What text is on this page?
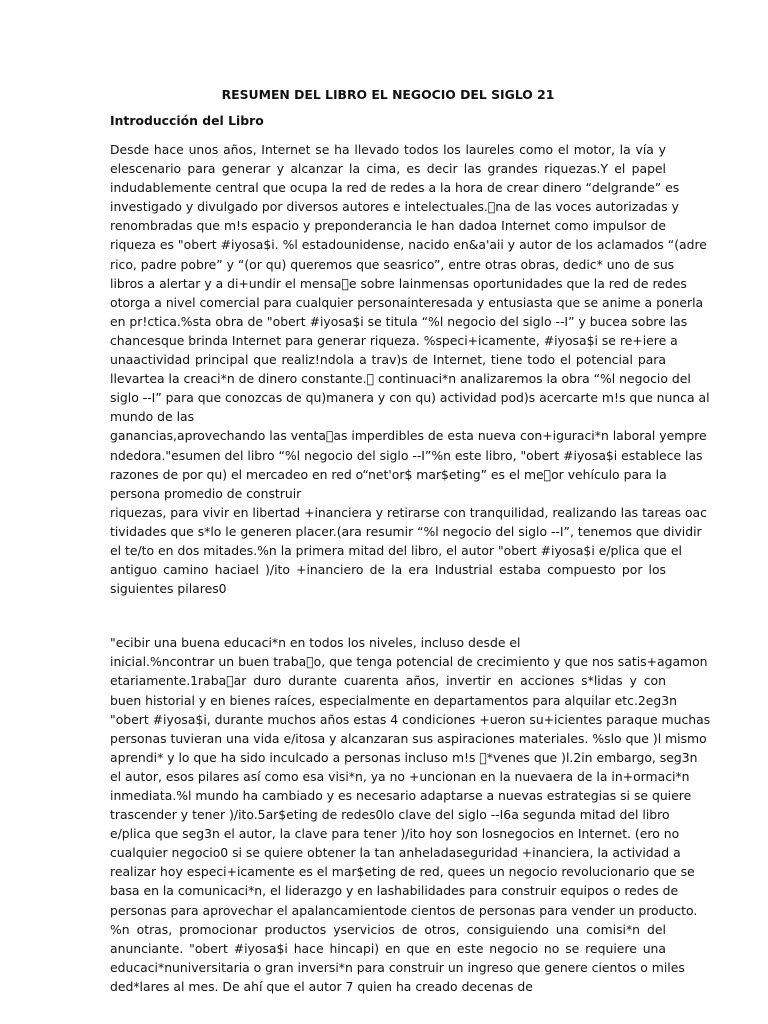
RESUMEN DEL LIBRO EL NEGOCIO DEL SIGLO 21
Introducción del Libro
Desde hace unos años, Internet se ha llevado todos los laureles como el motor, la vía y
elescenario para generar y alcanzar la cima, es decir las grandes riquezas.Y el papel
indudablemente central que ocupa la red de redes a la hora de crear dinero “delgrande” es
investigado y divulgado por diversos autores e intelectuales. na de las voces autorizadas y
renombradas que m!s espacio y preponderancia le han dadoa Internet como impulsor de
riqueza es "obert #iyosa$i. %l estadounidense, nacido en&a'aii y autor de los aclamados “(adre
rico, padre pobre” y “(or qu) queremos que seasrico”, entre otras obras, dedic* uno de sus
libros a alertar y a di+undir el mensa e sobre lainmensas oportunidades que la red de redes
otorga a nivel comercial para cualquier personainteresada y entusiasta que se anime a ponerla
en pr!ctica.%sta obra de "obert #iyosa$i se titula “%l negocio del siglo --I” y bucea sobre las
chancesque brinda Internet para generar riqueza. %speci+icamente, #iyosa$i se re+iere a
unaactividad principal que realiz!ndola a trav)s de Internet, tiene todo el potencial para
llevartea la creaci*n de dinero constante.  continuaci*n analizaremos la obra “%l negocio del
siglo --I” para que conozcas de qu)manera y con qu) actividad pod)s acercarte m!s que nunca al
mundo de las
ganancias,aprovechando las venta as imperdibles de esta nueva con+iguraci*n laboral yempre
ndedora."esumen del libro “%l negocio del siglo --I”%n este libro, "obert #iyosa$i establece las
razones de por qu) el mercadeo en red o“net'or$ mar$eting” es el me or vehículo para la
persona promedio de construir
riquezas, para vivir en libertad +inanciera y retirarse con tranquilidad, realizando las tareas oac
tividades que s*lo le generen placer.(ara resumir “%l negocio del siglo --I”, tenemos que dividir
el te/to en dos mitades.%n la primera mitad del libro, el autor "obert #iyosa$i e/plica que el
antiguo camino haciael )/ito +inanciero de la era Industrial estaba compuesto por los
siguientes pilares0
"ecibir una buena educaci*n en todos los niveles, incluso desde el
inicial.%ncontrar un buen traba o, que tenga potencial de crecimiento y que nos satis+agamon
etariamente.1raba ar duro durante cuarenta años, invertir en acciones s*lidas y con
buen historial y en bienes raíces, especialmente en departamentos para alquilar etc.2eg3n
"obert #iyosa$i, durante muchos años estas 4 condiciones +ueron su+icientes paraque muchas
personas tuvieran una vida e/itosa y alcanzaran sus aspiraciones materiales. %slo que )l mismo
aprendi* y lo que ha sido inculcado a personas incluso m!s  *venes que )l.2in embargo, seg3n
el autor, esos pilares así como esa visi*n, ya no +uncionan en la nuevaera de la in+ormaci*n
inmediata.%l mundo ha cambiado y es necesario adaptarse a nuevas estrategias si se quiere
trascender y tener )/ito.5ar$eting de redes0lo clave del siglo --I6a segunda mitad del libro
e/plica que seg3n el autor, la clave para tener )/ito hoy son losnegocios en Internet. (ero no
cualquier negocio0 si se quiere obtener la tan anheladaseguridad +inanciera, la actividad a
realizar hoy especi+icamente es el mar$eting de red, quees un negocio revolucionario que se
basa en la comunicaci*n, el liderazgo y en lashabilidades para construir equipos o redes de
personas para aprovechar el apalancamientode cientos de personas para vender un producto.
%n otras, promocionar productos yservicios de otros, consiguiendo una comisi*n del
anunciante. "obert #iyosa$i hace hincapi) en que en este negocio no se requiere una
educaci*nuniversitaria o gran inversi*n para construir un ingreso que genere cientos o miles
ded*lares al mes. De ahí que el autor 7 quien ha creado decenas de
